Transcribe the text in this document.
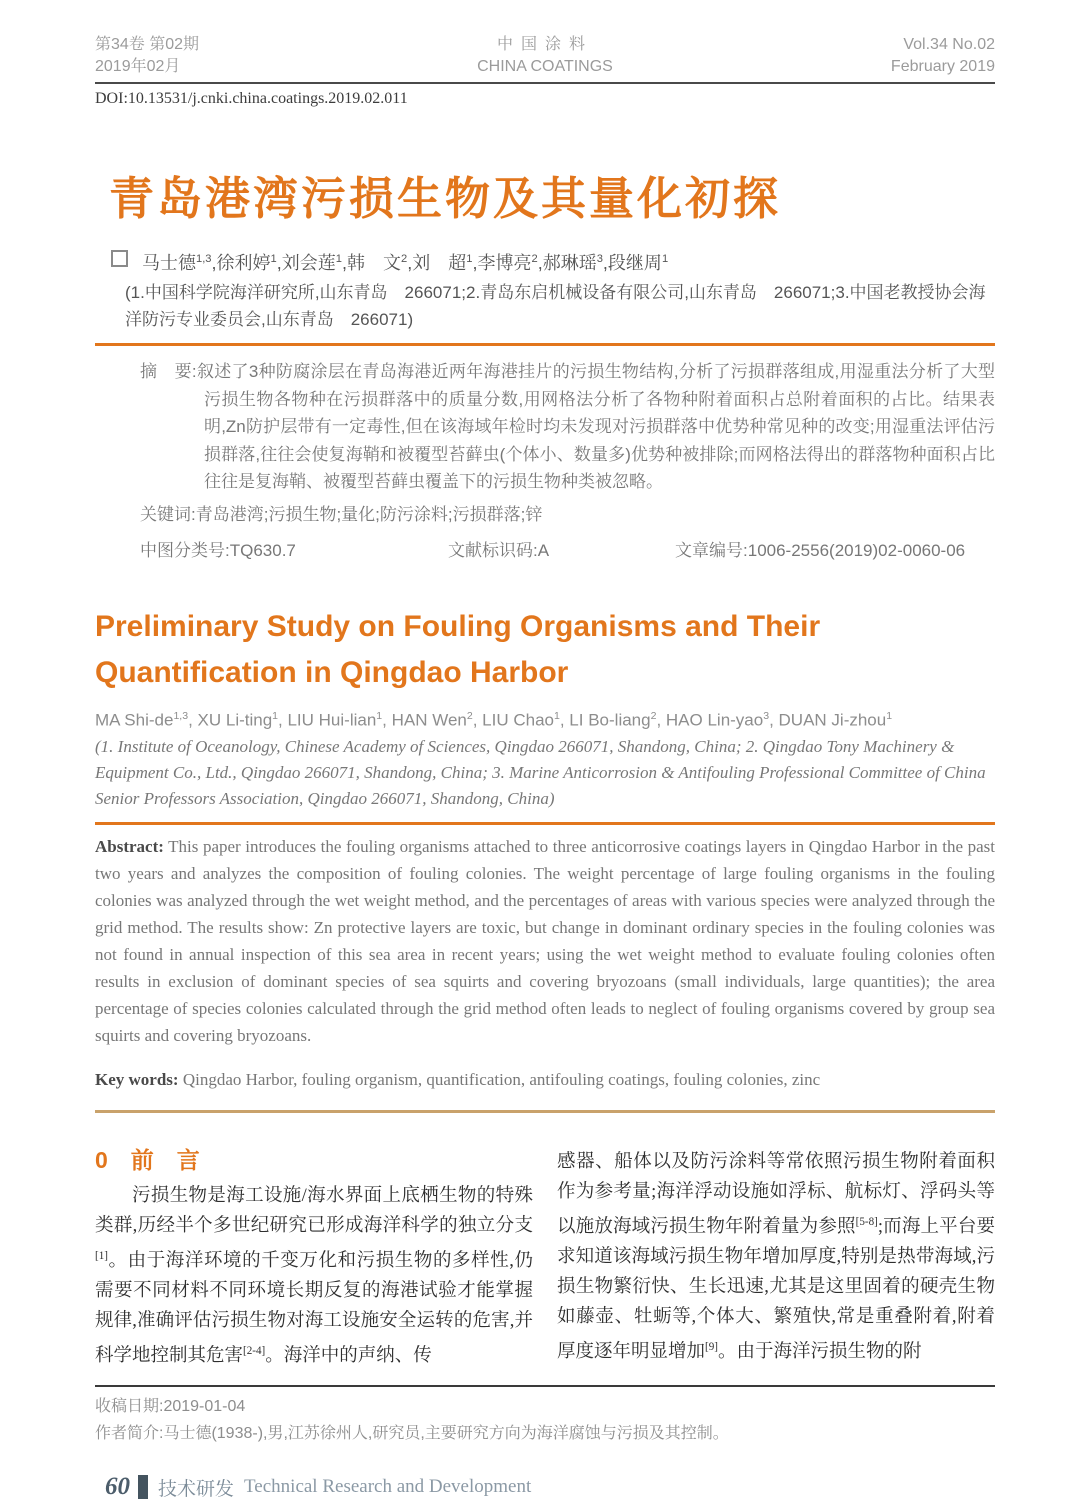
第34卷 第02期
2019年02月
中国涂料
CHINA COATINGS
Vol.34 No.02
February 2019
DOI:10.13531/j.cnki.china.coatings.2019.02.011
青岛港湾污损生物及其量化初探
马士德$^{1,3}$,徐利婷$^1$,刘会莲$^1$,韩　文$^2$,刘　超$^1$,李博亮$^2$,郝琳瑶$^3$,段继周$^1$
(1.中国科学院海洋研究所,山东青岛　266071;2.青岛东启机械设备有限公司,山东青岛　266071;3.中国老教授协会海洋防污专业委员会,山东青岛　266071)

摘　要:叙述了3种防腐涂层在青岛海港近两年海港挂片的污损生物结构,分析了污损群落组成,用湿重法分析了大型污损生物各物种在污损群落中的质量分数,用网格法分析了各物种附着面积占总附着面积的占比。结果表明,Zn防护层带有一定毒性,但在该海域年检时均未发现对污损群落中优势种常见种的改变;用湿重法评估污损群落,往往会使复海鞘和被覆型苔藓虫(个体小、数量多)优势种被排除;而网格法得出的群落物种面积占比往往是复海鞘、被覆型苔藓虫覆盖下的污损生物种类被忽略。

关键词:青岛港湾;污损生物;量化;防污涂料;污损群落;锌

中图分类号:TQ630.7	文献标识码:A	文章编号:1006-2556(2019)02-0060-06
Preliminary Study on Fouling Organisms and Their Quantification in Qingdao Harbor
MA Shi-de$^{1,3}$, XU Li-ting$^1$, LIU Hui-lian$^1$, HAN Wen$^2$, LIU Chao$^1$, LI Bo-liang$^2$, HAO Lin-yao$^3$, DUAN Ji-zhou$^1$
(1. Institute of Oceanology, Chinese Academy of Sciences, Qingdao 266071, Shandong, China; 2. Qingdao Tony Machinery & Equipment Co., Ltd., Qingdao 266071, Shandong, China; 3. Marine Anticorrosion & Antifouling Professional Committee of China Senior Professors Association, Qingdao 266071, Shandong, China)

Abstract: This paper introduces the fouling organisms attached to three anticorrosive coatings layers in Qingdao Harbor in the past two years and analyzes the composition of fouling colonies. The weight percentage of large fouling organisms in the fouling colonies was analyzed through the wet weight method, and the percentages of areas with various species were analyzed through the grid method. The results show: Zn protective layers are toxic, but change in dominant ordinary species in the fouling colonies was not found in annual inspection of this sea area in recent years; using the wet weight method to evaluate fouling colonies often results in exclusion of dominant species of sea squirts and covering bryozoans (small individuals, large quantities); the area percentage of species colonies calculated through the grid method often leads to neglect of fouling organisms covered by group sea squirts and covering bryozoans.

Key words: Qingdao Harbor, fouling organism, quantification, antifouling coatings, fouling colonies, zinc

0　前　言

污损生物是海工设施/海水界面上底栖生物的特殊类群,历经半个多世纪研究已形成海洋科学的独立分支[1]。由于海洋环境的千变万化和污损生物的多样性,仍需要不同材料不同环境长期反复的海港试验才能掌握规律,准确评估污损生物对海工设施安全运转的危害,并科学地控制其危害[2-4]。海洋中的声纳、传

感器、船体以及防污涂料等常依照污损生物附着面积作为参考量;海洋浮动设施如浮标、航标灯、浮码头等以施放海域污损生物年附着量为参照[5-8];而海上平台要求知道该海域污损生物年增加厚度,特别是热带海域,污损生物繁衍快、生长迅速,尤其是这里固着的硬壳生物如藤壶、牡蛎等,个体大、繁殖快,常是重叠附着,附着厚度逐年明显增加[9]。由于海洋污损生物的附

收稿日期:2019-01-04
作者简介:马士德(1938-),男,江苏徐州人,研究员,主要研究方向为海洋腐蚀与污损及其控制。
60 技术研发 Technical Research and Development
